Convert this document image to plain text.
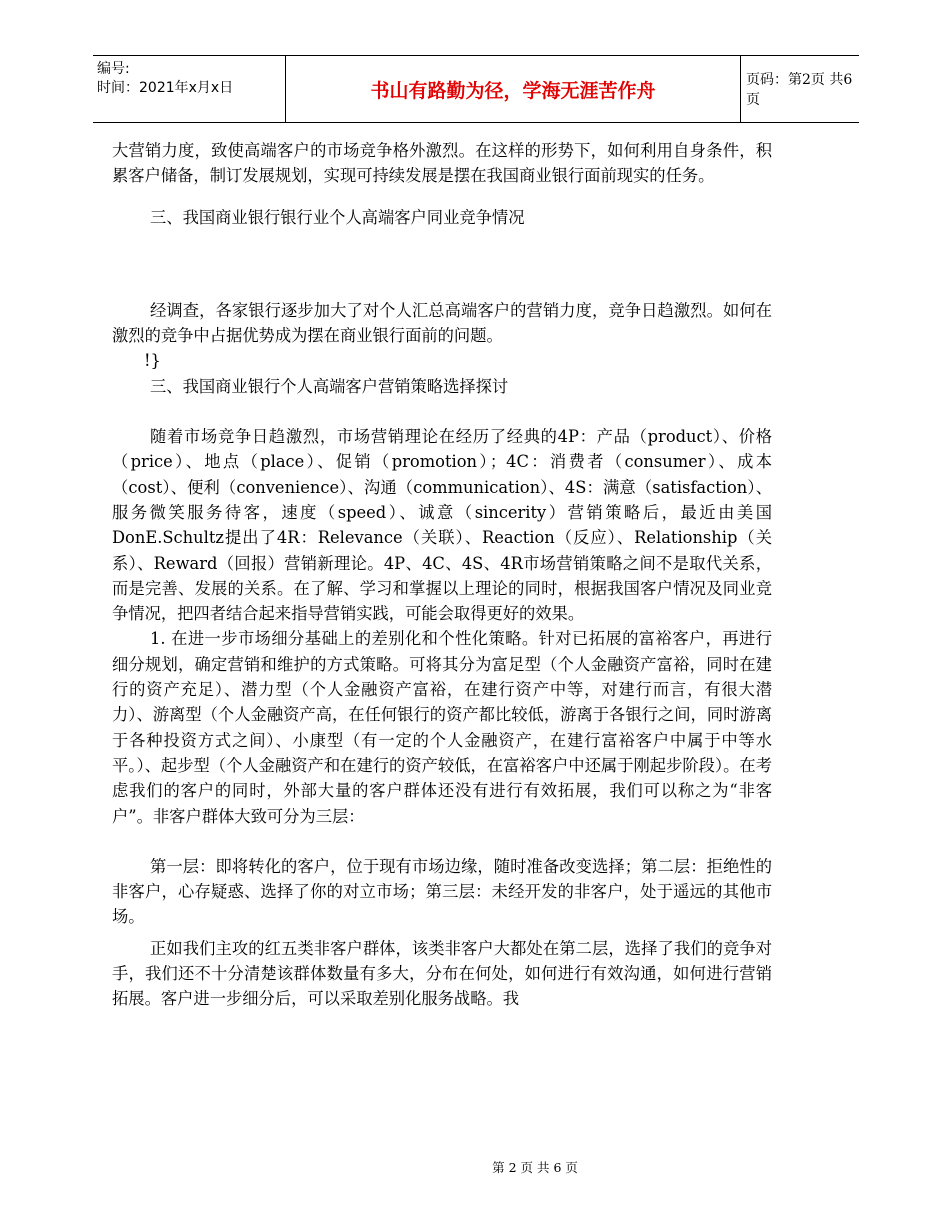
编号:
时间：2021年x月x日	书山有路勤为径，学海无涯苦作舟	页码：第2页 共6页

大营销力度，致使高端客户的市场竞争格外激烈。在这样的形势下，如何利用自身条件，积累客户储备，制订发展规划，实现可持续发展是摆在我国商业银行面前现实的任务。

三、我国商业银行银行业个人高端客户同业竞争情况

经调查，各家银行逐步加大了对个人汇总高端客户的营销力度，竞争日趋激烈。如何在激烈的竞争中占据优势成为摆在商业银行面前的问题。

!}

三、我国商业银行个人高端客户营销策略选择探讨

随着市场竞争日趋激烈，市场营销理论在经历了经典的4P：产品（product）、价格（price）、地点（place）、促销（promotion）；4C：消费者（consumer）、成本（cost）、便利（convenience）、沟通（communication）、4S：满意（satisfaction）、服务微笑服务待客，速度（speed）、诚意（sincerity）营销策略后，最近由美国DonE.Schultz提出了4R：Relevance（关联）、Reaction（反应）、Relationship（关系）、Reward（回报）营销新理论。4P、4C、4S、4R市场营销策略之间不是取代关系，而是完善、发展的关系。在了解、学习和掌握以上理论的同时，根据我国客户情况及同业竞争情况，把四者结合起来指导营销实践，可能会取得更好的效果。

1. 在进一步市场细分基础上的差别化和个性化策略。针对已拓展的富裕客户，再进行细分规划，确定营销和维护的方式策略。可将其分为富足型（个人金融资产富裕，同时在建行的资产充足）、潜力型（个人金融资产富裕，在建行资产中等，对建行而言，有很大潜力）、游离型（个人金融资产高，在任何银行的资产都比较低，游离于各银行之间，同时游离于各种投资方式之间）、小康型（有一定的个人金融资产，在建行富裕客户中属于中等水平。）、起步型（个人金融资产和在建行的资产较低，在富裕客户中还属于刚起步阶段）。在考虑我们的客户的同时，外部大量的客户群体还没有进行有效拓展，我们可以称之为“非客户”。非客户群体大致可分为三层：

第一层：即将转化的客户，位于现有市场边缘，随时准备改变选择；第二层：拒绝性的非客户，心存疑惑、选择了你的对立市场；第三层：未经开发的非客户，处于遥远的其他市场。

正如我们主攻的红五类非客户群体，该类非客户大都处在第二层，选择了我们的竞争对手，我们还不十分清楚该群体数量有多大，分布在何处，如何进行有效沟通，如何进行营销拓展。客户进一步细分后，可以采取差别化服务战略。我

第 2 页 共 6 页
